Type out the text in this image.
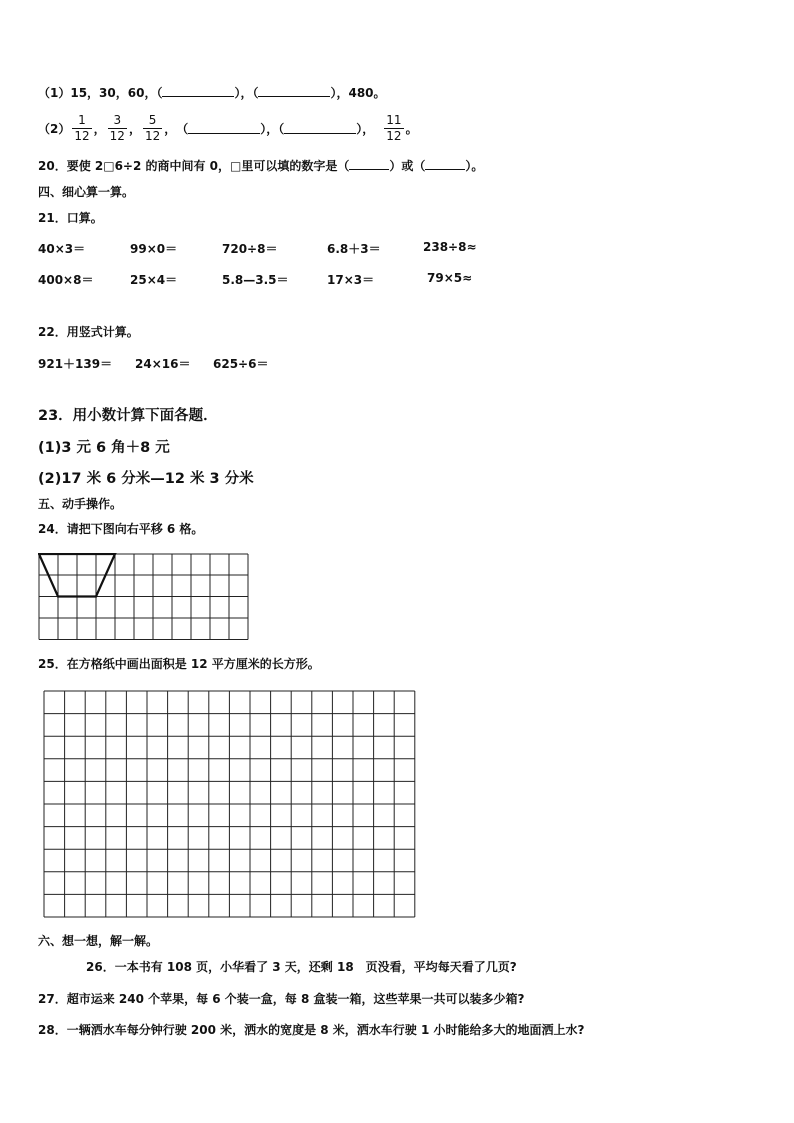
（1）15，30，60，（	），（	），480。
$(2) \frac{1}{12}$ ， $\frac{3}{12}$ ， $\frac{5}{12}$ ， （	），（	）， $\frac{11}{12}$ 。
20．要使 2□6÷2 的商中间有 0，□里可以填的数字是（	）或（	）。
四、细心算一算。
21．口算。
40×3＝	99×0＝	720÷8＝	6.8＋3＝	238÷8≈
400×8＝	25×4＝	5.8—3.5＝	17×3＝	79×5≈
22．用竖式计算。
921＋139＝ 24×16＝ 625÷6＝
23．用小数计算下面各题．
(1)3 元 6 角＋8 元
(2)17 米 6 分米—12 米 3 分米
五、动手操作。
24．请把下图向右平移 6 格。
25．在方格纸中画出面积是 12 平方厘米的长方形。
六、想一想，解一解。
26．一本书有 108 页，小华看了 3 天，还剩 18　页没看，平均每天看了几页?
27．超市运来 240 个苹果，每 6 个装一盒，每 8 盒装一箱，这些苹果一共可以装多少箱?
28．一辆洒水车每分钟行驶 200 米，洒水的宽度是 8 米，洒水车行驶 1 小时能给多大的地面洒上水?
